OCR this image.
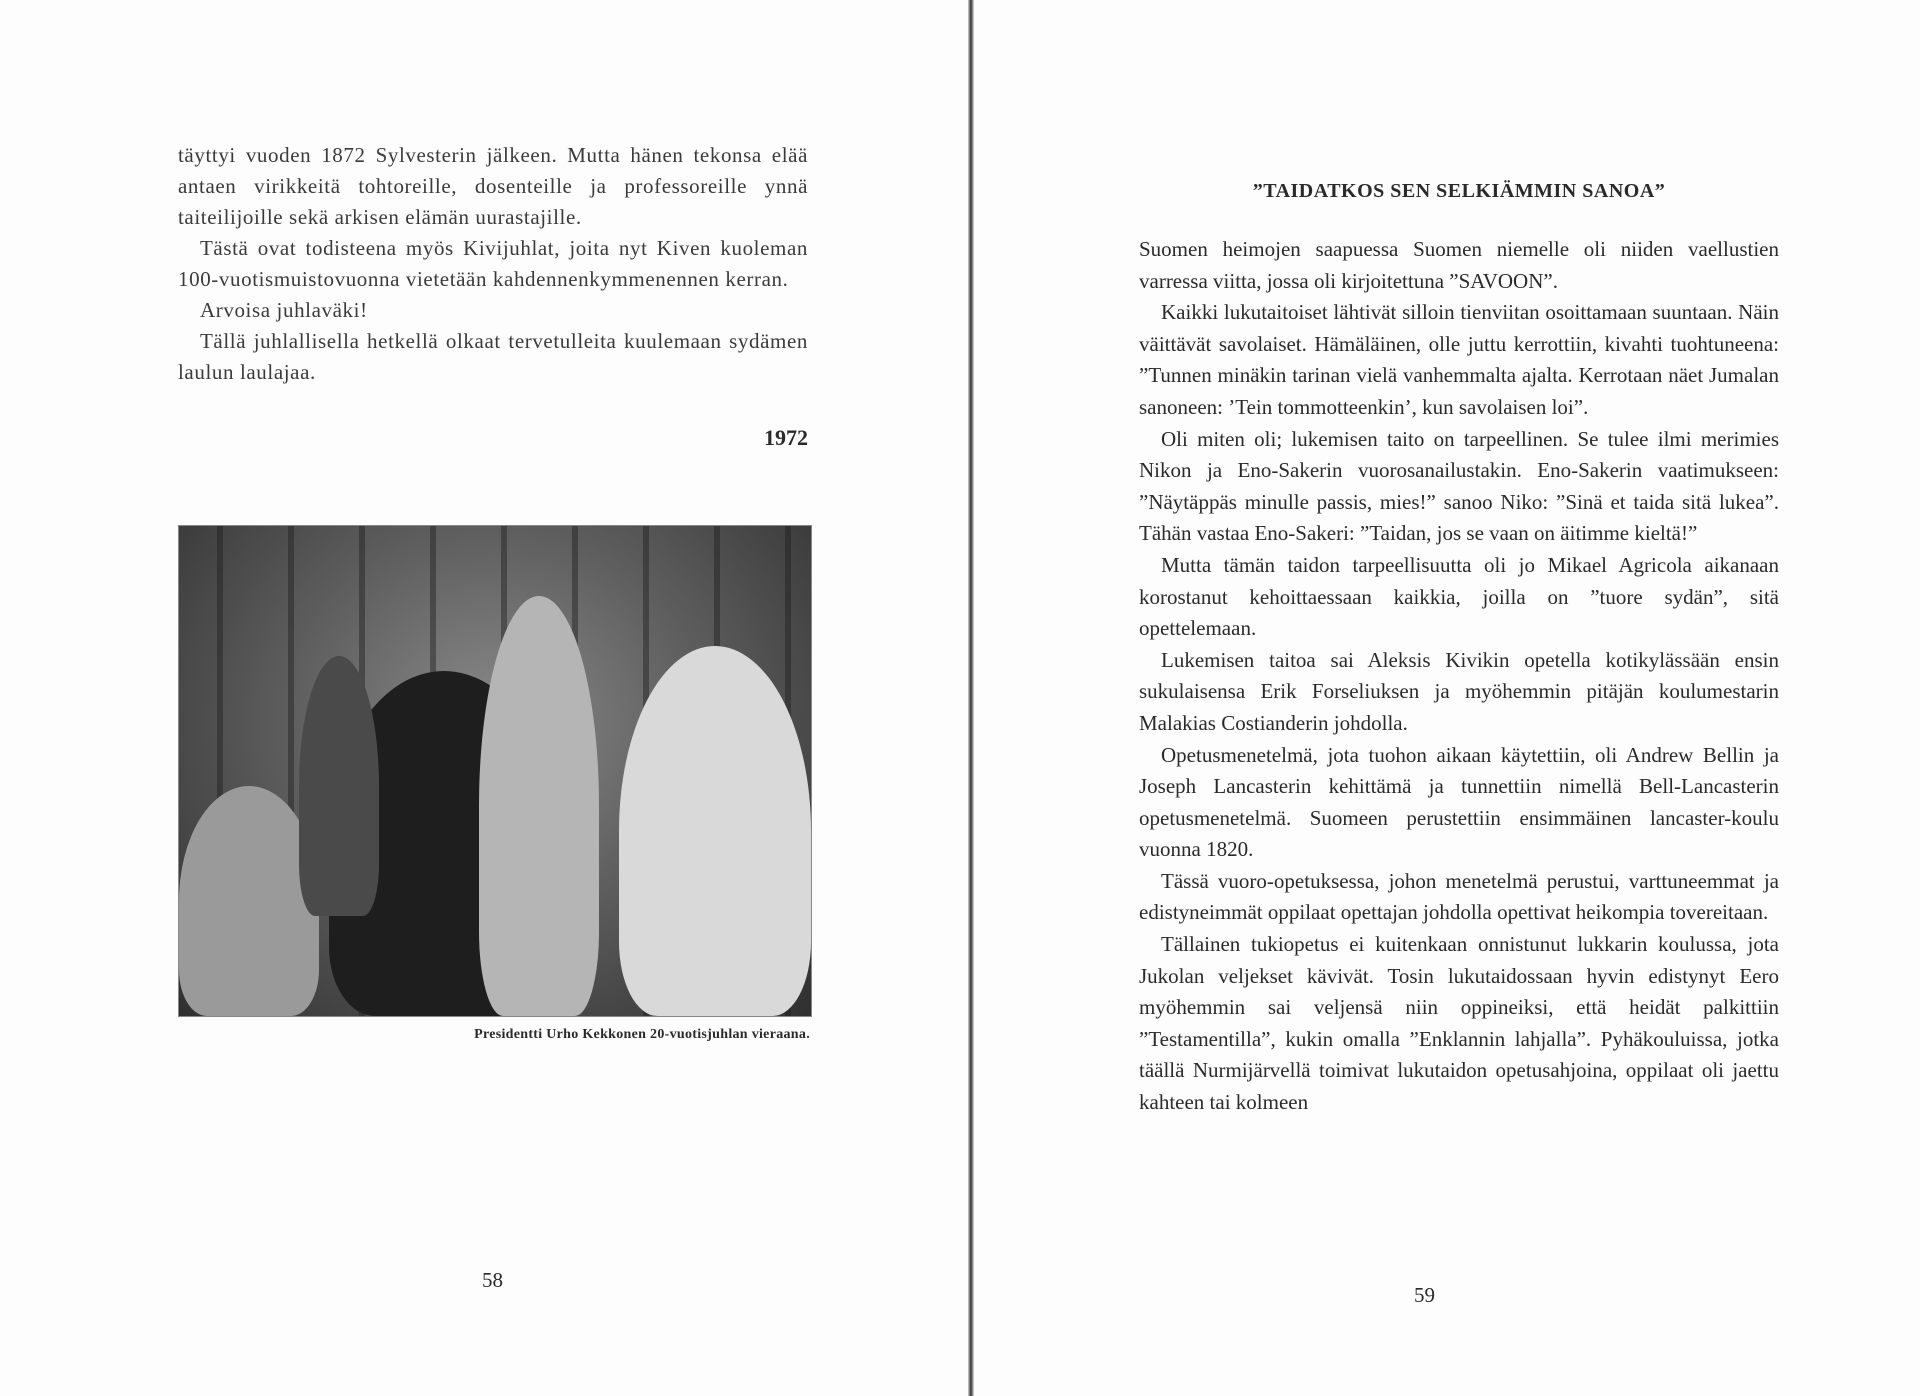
täyttyi vuoden 1872 Sylvesterin jälkeen. Mutta hänen tekonsa elää antaen virikkeitä tohtoreille, dosenteille ja professoreille ynnä taiteilijoille sekä arkisen elämän uurastajille.

Tästä ovat todisteena myös Kivijuhlat, joita nyt Kiven kuoleman 100-vuotismuistovuonna vietetään kahdennenkymmenennen kerran.

Arvoisa juhlaväki!

Tällä juhlallisella hetkellä olkaat tervetulleita kuulemaan sydämen laulun laulajaa.

1972
Presidentti Urho Kekkonen 20-vuotisjuhlan vieraana.
58
”TAIDATKOS SEN SELKIÄMMIN SANOA”

Suomen heimojen saapuessa Suomen niemelle oli niiden vaellustien varressa viitta, jossa oli kirjoitettuna ”SAVOON”.

Kaikki lukutaitoiset lähtivät silloin tienviitan osoittamaan suuntaan. Näin väittävät savolaiset. Hämäläinen, olle juttu kerrottiin, kivahti tuohtuneena: ”Tunnen minäkin tarinan vielä vanhemmalta ajalta. Kerrotaan näet Jumalan sanoneen: ’Tein tommotteenkin’, kun savolaisen loi”.

Oli miten oli; lukemisen taito on tarpeellinen. Se tulee ilmi merimies Nikon ja Eno-Sakerin vuorosanailustakin. Eno-Sakerin vaatimukseen: ”Näytäppäs minulle passis, mies!” sanoo Niko: ”Sinä et taida sitä lukea”. Tähän vastaa Eno-Sakeri: ”Taidan, jos se vaan on äitimme kieltä!”

Mutta tämän taidon tarpeellisuutta oli jo Mikael Agricola aikanaan korostanut kehoittaessaan kaikkia, joilla on ”tuore sydän”, sitä opettelemaan.

Lukemisen taitoa sai Aleksis Kivikin opetella kotikylässään ensin sukulaisensa Erik Forseliuksen ja myöhemmin pitäjän koulumestarin Malakias Costianderin johdolla.

Opetusmenetelmä, jota tuohon aikaan käytettiin, oli Andrew Bellin ja Joseph Lancasterin kehittämä ja tunnettiin nimellä Bell-Lancasterin opetusmenetelmä. Suomeen perustettiin ensimmäinen lancaster-koulu vuonna 1820.

Tässä vuoro-opetuksessa, johon menetelmä perustui, varttuneemmat ja edistyneimmät oppilaat opettajan johdolla opettivat heikompia tovereitaan.

Tällainen tukiopetus ei kuitenkaan onnistunut lukkarin koulussa, jota Jukolan veljekset kävivät. Tosin lukutaidossaan hyvin edistynyt Eero myöhemmin sai veljensä niin oppineiksi, että heidät palkittiin ”Testamentilla”, kukin omalla ”Enklannin lahjalla”. Pyhäkouluissa, jotka täällä Nurmijärvellä toimivat lukutaidon opetusahjoina, oppilaat oli jaettu kahteen tai kolmeen

59
